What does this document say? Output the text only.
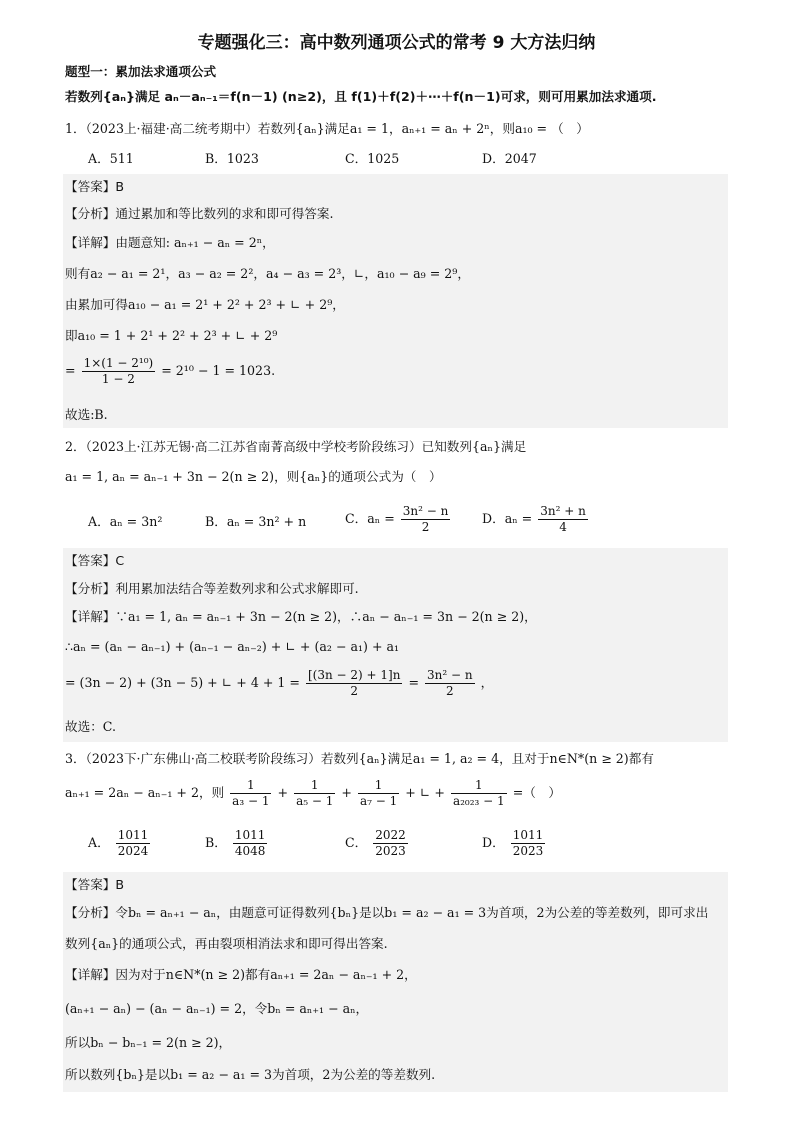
专题强化三：高中数列通项公式的常考 9 大方法归纳
题型一：累加法求通项公式
若数列{aₙ}满足 aₙ－aₙ₋₁＝f(n－1) (n≥2)，且 f(1)＋f(2)＋⋯＋f(n－1)可求，则可用累加法求通项.
1．（2023上·福建·高二统考期中）若数列{aₙ}满足a₁ = 1，aₙ₊₁ = aₙ + 2ⁿ，则a₁₀ = （　）
A．511	B．1023	C．1025	D．2047
【答案】B
【分析】通过累加和等比数列的求和即可得答案.
【详解】由题意知: aₙ₊₁ − aₙ = 2ⁿ，
则有a₂ − a₁ = 2¹，a₃ − a₂ = 2²，a₄ − a₃ = 2³，∟，a₁₀ − a₉ = 2⁹，
由累加可得a₁₀ − a₁ = 2¹ + 2² + 2³ + ∟ + 2⁹，
即a₁₀ = 1 + 2¹ + 2² + 2³ + ∟ + 2⁹
= $\frac{\text{1×(1 − 2¹⁰)}}{1 - 2} = 2^{10} - 1 = 1023$.
故选:B.
2．（2023上·江苏无锡·高二江苏省南菁高级中学校考阶段练习）已知数列{aₙ}满足
a₁ = 1, aₙ = aₙ₋₁ + 3n − 2(n ≥ 2)，则{aₙ}的通项公式为（　）
A．aₙ = 3n²	B．aₙ = 3n² + n	C．$a_n = \frac{\text{3n² − n}}{2}$	D．$a_n = \frac{\text{3n² + n}}{4}$
【答案】C
【分析】利用累加法结合等差数列求和公式求解即可.
【详解】∵a₁ = 1, aₙ = aₙ₋₁ + 3n − 2(n ≥ 2)，∴aₙ − aₙ₋₁ = 3n − 2(n ≥ 2)，
∴aₙ = (aₙ − aₙ₋₁) + (aₙ₋₁ − aₙ₋₂) + ∟ + (a₂ − a₁) + a₁
= (3n − 2) + (3n − 5) + ∟ + $4 + 1 = \frac{[(3n - 2) + 1]n}{2} = \frac{\text{3n² − n}}{2}$ ，
故选：C.
3．（2023下·广东佛山·高二校联考阶段练习）若数列{aₙ}满足a₁ = 1, a₂ = 4，且对于n∈N*(n ≥ 2)都有
aₙ₊₁ = 2aₙ − aₙ₋₁ + 2，则 $\frac{1}{\text{a₃ − 1}} + \frac{1}{\text{a₅ − 1}} + \frac{1}{\text{a₇ − 1}}$ + ∟ + $\frac{1}{\text{a₂₀₂₃ − 1}}$ =（　）
A． $\frac{1011}{2024}$	B． $\frac{1011}{4048}$	C． $\frac{2022}{2023}$	D． $\frac{1011}{2023}$
【答案】B
【分析】令bₙ = aₙ₊₁ − aₙ，由题意可证得数列{bₙ}是以b₁ = a₂ − a₁ = 3为首项，2为公差的等差数列，即可求出
数列{aₙ}的通项公式，再由裂项相消法求和即可得出答案.
【详解】因为对于n∈N*(n ≥ 2)都有aₙ₊₁ = 2aₙ − aₙ₋₁ + 2，
(aₙ₊₁ − aₙ) − (aₙ − aₙ₋₁) = 2，令bₙ = aₙ₊₁ − aₙ，
所以bₙ − bₙ₋₁ = 2(n ≥ 2)，
所以数列{bₙ}是以b₁ = a₂ − a₁ = 3为首项，2为公差的等差数列.
